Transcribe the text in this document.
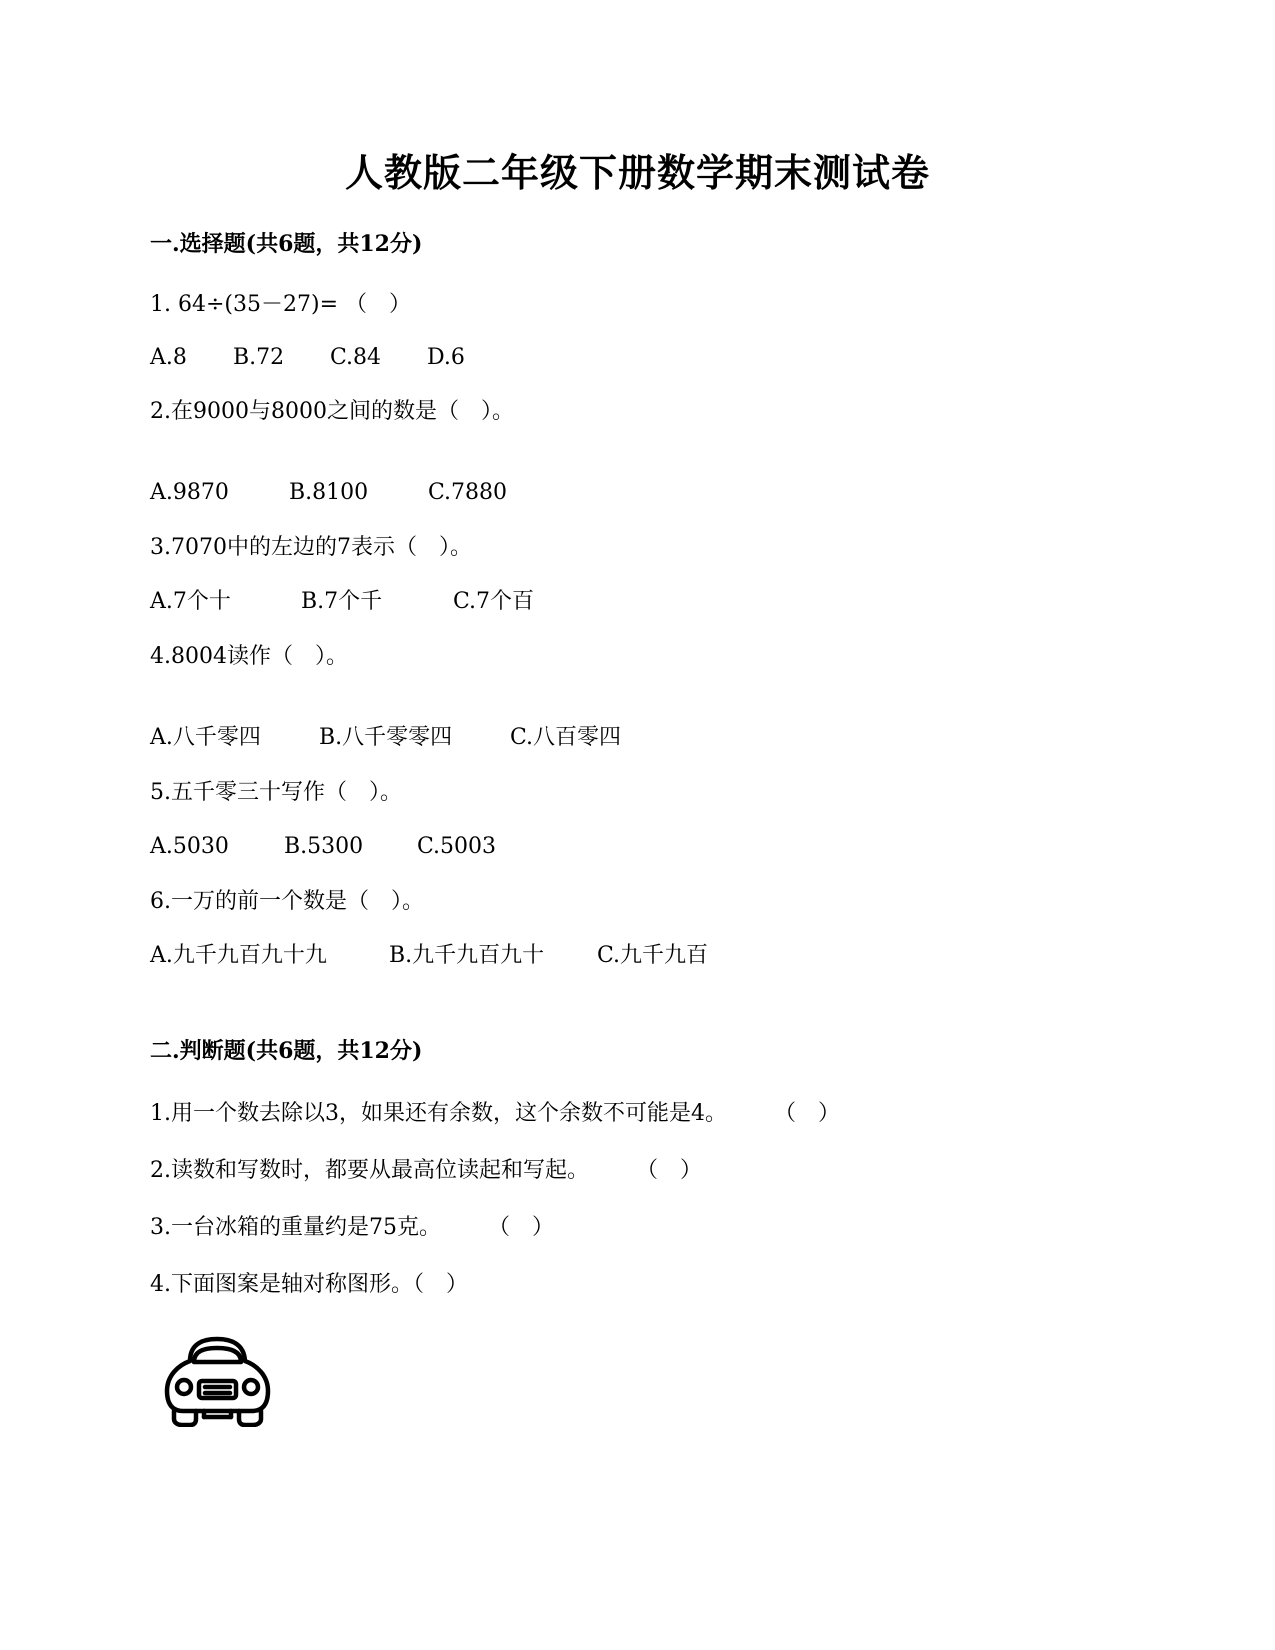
人教版二年级下册数学期末测试卷
一.选择题(共6题，共12分)
1. 64÷(35－27)= （　）
A.8 B.72 C.84 D.6
2.在9000与8000之间的数是（　）。
A.9870	B.8100	C.7880
3.7070中的左边的7表示（　）。
A.7个十	B.7个千	C.7个百
4.8004读作（　）。
A.八千零四	B.八千零零四	C.八百零四
5.五千零三十写作（　）。
A.5030	B.5300 C.5003
6.一万的前一个数是（　）。
A.九千九百九十九	B.九千九百九十 C.九千九百
二.判断题(共6题，共12分)
1.用一个数去除以3，如果还有余数，这个余数不可能是4。 （　）
2.读数和写数时，都要从最高位读起和写起。 （　）
3.一台冰箱的重量约是75克。 （　）
4.下面图案是轴对称图形。（　）
